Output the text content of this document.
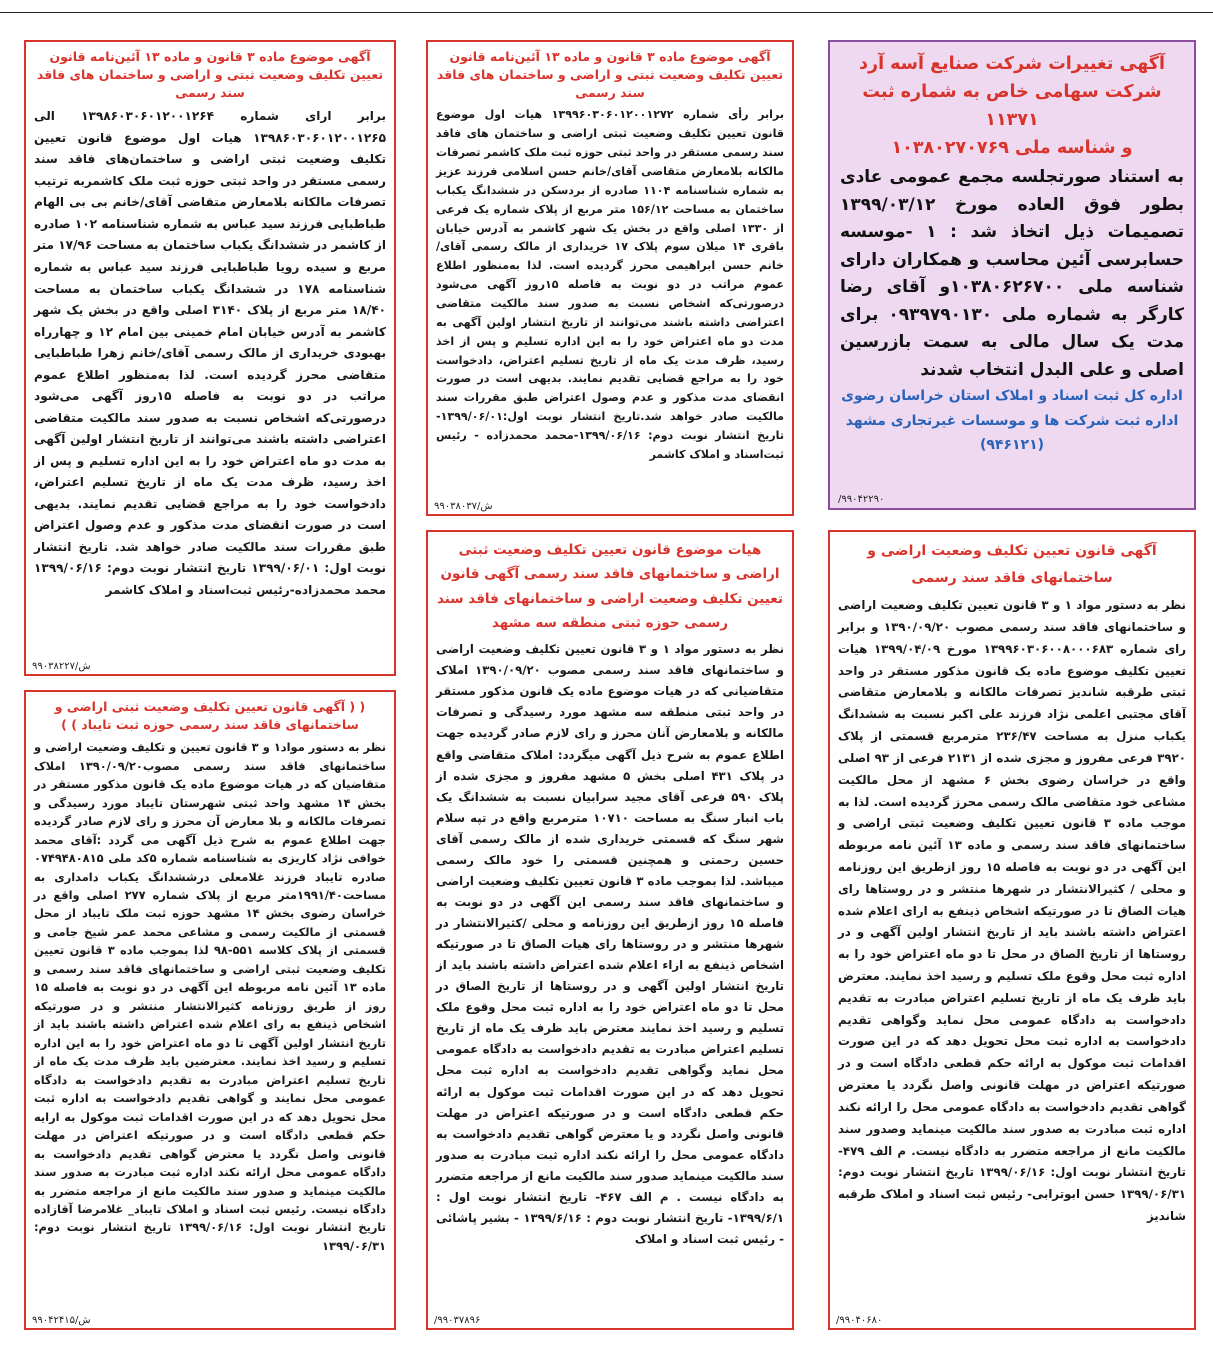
آگهی تغییرات شرکت صنایع آسه آرد
شرکت سهامی خاص به شماره ثبت ۱۱۳۷۱
و شناسه ملی ۱۰۳۸۰۲۷۰۷۶۹
به استناد صورتجلسه مجمع عمومی عادی بطور فوق العاده مورخ ۱۳۹۹/۰۳/۱۲ تصمیمات ذیل اتخاذ شد : ۱ -موسسه حسابرسی آئین محاسب و همکاران دارای شناسه ملی ۱۰۳۸۰۶۲۶۷۰۰و آقای رضا کارگر به شماره ملی ۰۹۳۹۷۹۰۱۳۰ برای مدت یک سال مالی به سمت بازرسین اصلی و علی البدل انتخاب شدند
اداره کل ثبت اسناد و املاک استان خراسان رضوی
اداره ثبت شرکت ها و موسسات غیرتجاری مشهد
(۹۴۶۱۲۱)
/۹۹۰۴۲۲۹۰
آگهی موضوع ماده ۳ قانون و ماده ۱۳ آئین‌نامه قانون تعیین تکلیف وضعیت ثبتی و اراضی و ساختمان های فاقد سند رسمی
برابر رأی شماره ۱۳۹۹۶۰۳۰۶۰۱۲۰۰۱۲۷۲ هیات اول موضوع قانون تعیین تکلیف وضعیت ثبتی اراضی و ساختمان های فاقد سند رسمی مستقر در واحد ثبتی حوزه ثبت ملک کاشمر تصرفات مالکانه بلامعارض متقاضی آقای/خانم حسن اسلامی فرزند عزیز به شماره شناسنامه ۱۱۰۴ صادره از بردسکن در ششدانگ یکباب ساختمان به مساحت ۱۵۶/۱۲ متر مربع از پلاک شماره یک فرعی از ۱۳۳۰ اصلی واقع در بخش یک شهر کاشمر به آدرس خیابان باقری ۱۴ میلان سوم پلاک ۱۷ خریداری از مالک رسمی آقای/خانم حسن ابراهیمی محرز گردیده است. لذا به‌منظور اطلاع عموم مراتب در دو نوبت به فاصله ۱۵روز آگهی می‌شود درصورتی‌که اشخاص نسبت به صدور سند مالکیت متقاضی اعتراضی داشته باشند می‌توانند از تاریخ انتشار اولین آگهی به مدت دو ماه اعتراض خود را به این اداره تسلیم و پس از اخذ رسید، ظرف مدت یک ماه از تاریخ تسلیم اعتراض، دادخواست خود را به مراجع قضایی تقدیم نمایند. بدیهی است در صورت انقضای مدت مذکور و عدم وصول اعتراض طبق مقررات سند مالکیت صادر خواهد شد.تاریخ انتشار نوبت اول:۱۳۹۹/۰۶/۰۱- تاریخ انتشار نوبت دوم: ۱۳۹۹/۰۶/۱۶-محمد محمدزاده - رئیس ثبت‌اسناد و املاک کاشمر
ش/۹۹۰۳۸۰۳۷
آگهی موضوع ماده ۳ قانون و ماده ۱۳ آئین‌نامه قانون تعیین تکلیف وضعیت ثبتی و اراضی و ساختمان های فاقد سند رسمی
برابر ارای شماره ۱۳۹۸۶۰۳۰۶۰۱۲۰۰۱۲۶۴ الی ۱۳۹۸۶۰۳۰۶۰۱۲۰۰۱۲۶۵ هیات اول موضوع قانون تعیین تکلیف وضعیت ثبتی اراضی و ساختمان‌های فاقد سند رسمی مستقر در واحد ثبتی حوزه ثبت ملک کاشمربه ترتیب تصرفات مالکانه بلامعارض متقاضی آقای/خانم بی بی الهام طباطبایی فرزند سید عباس به شماره شناسنامه ۱۰۲ صادره از کاشمر در ششدانگ یکباب ساختمان به مساحت ۱۷/۹۶ متر مربع و سیده رویا طباطبایی فرزند سید عباس به شماره شناسنامه ۱۷۸ در ششدانگ یکباب ساختمان به مساحت ۱۸/۴۰ متر مربع از پلاک ۳۱۴۰ اصلی واقع در بخش یک شهر کاشمر به آدرس خیابان امام خمینی بین امام ۱۲ و چهارراه بهبودی خریداری از مالک رسمی آقای/خانم زهرا طباطبایی متقاضی محرز گردیده است. لذا به‌منظور اطلاع عموم مراتب در دو نوبت به فاصله ۱۵روز آگهی می‌شود درصورتی‌که اشخاص نسبت به صدور سند مالکیت متقاضی اعتراضی داشته باشند می‌توانند از تاریخ انتشار اولین آگهی به مدت دو ماه اعتراض خود را به این اداره تسلیم و پس از اخذ رسید، ظرف مدت یک ماه از تاریخ تسلیم اعتراض، دادخواست خود را به مراجع قضایی تقدیم نمایند. بدیهی است در صورت انقضای مدت مذکور و عدم وصول اعتراض طبق مقررات سند مالکیت صادر خواهد شد. تاریخ انتشار نوبت اول: ۱۳۹۹/۰۶/۰۱ تاریخ انتشار نوبت دوم: ۱۳۹۹/۰۶/۱۶ محمد محمدزاده-رئیس ثبت‌اسناد و املاک کاشمر
ش/۹۹۰۳۸۲۲۷
آگهی قانون تعیین تکلیف وضعیت اراضی و ساختمانهای فاقد سند رسمی
نظر به دستور مواد ۱ و ۳ قانون تعیین تکلیف وضعیت اراضی و ساختمانهای فاقد سند رسمی مصوب ۱۳۹۰/۰۹/۲۰ و برابر رای شماره ۱۳۹۹۶۰۳۰۶۰۰۸۰۰۰۶۸۳ مورخ ۱۳۹۹/۰۴/۰۹ هیات تعیین تکلیف موضوع ماده یک قانون مذکور مستقر در واحد ثبتی طرقبه شاندیز تصرفات مالکانه و بلامعارض متقاضی آقای مجتبی اعلمی نژاد فرزند علی اکبر نسبت به ششدانگ یکباب منزل به مساحت ۲۳۶/۴۷ مترمربع قسمتی از پلاک ۳۹۲۰ فرعی مفروز و مجزی شده از ۲۱۳۱ فرعی از ۹۳ اصلی واقع در خراسان رضوی بخش ۶ مشهد از محل مالکیت مشاعی خود متقاضی مالک رسمی محرز گردیده است. لذا به موجب ماده ۳ قانون تعیین تکلیف وضعیت ثبتی اراضی و ساختمانهای فاقد سند رسمی و ماده ۱۳ آئین نامه مربوطه این آگهی در دو نوبت به فاصله ۱۵ روز ازطریق این روزنامه و محلی / کثیرالانتشار در شهرها منتشر و در روستاها رای هیات الصاق تا در صورتیکه اشخاص ذینفع به ارای اعلام شده اعتراض داشته باشند باید از تاریخ انتشار اولین آگهی و در روستاها از تاریخ الصاق در محل تا دو ماه اعتراض خود را به اداره ثبت محل وقوع ملک تسلیم و رسید اخذ نمایند. معترض باید ظرف یک ماه از تاریخ تسلیم اعتراض مبادرت به تقدیم دادخواست به دادگاه عمومی محل نماید وگواهی تقدیم دادخواست به اداره ثبت محل تحویل دهد که در این صورت اقدامات ثبت موکول به ارائه حکم قطعی دادگاه است و در صورتیکه اعتراض در مهلت قانونی واصل نگردد یا معترض گواهی تقدیم دادخواست به دادگاه عمومی محل را ارائه نکند اداره ثبت مبادرت به صدور سند مالکیت مینماید وصدور سند مالکیت مانع از مراجعه متضرر به دادگاه نیست. م الف ۴۷۹- تاریخ انتشار نوبت اول: ۱۳۹۹/۰۶/۱۶ تاریخ انتشار نوبت دوم: ۱۳۹۹/۰۶/۳۱ حسن ابوترابی- رئیس ثبت اسناد و املاک طرقبه شاندیز
/۹۹۰۴۰۶۸۰
هیات موضوع قانون تعیین تکلیف وضعیت ثبتی اراضی و ساختمانهای فاقد سند رسمی آگهی قانون تعیین تکلیف وضعیت اراضی و ساختمانهای فاقد سند رسمی حوزه ثبتی منطقه سه مشهد
نظر به دستور مواد ۱ و ۳ قانون تعیین تکلیف وضعیت اراضی و ساختمانهای فاقد سند رسمی مصوب ۱۳۹۰/۰۹/۲۰ املاک متقاضیانی که در هیات موضوع ماده یک قانون مذکور مستقر در واحد ثبتی منطقه سه مشهد مورد رسیدگی و تصرفات مالکانه و بلامعارض آنان محرز و رای لازم صادر گردیده جهت اطلاع عموم به شرح ذیل آگهی میگردد: املاک متقاضی واقع در پلاک ۴۳۱ اصلی بخش ۵ مشهد مفروز و مجزی شده از پلاک ۵۹۰ فرعی آقای مجید سرابیان نسبت به ششدانگ یک باب انبار سنگ به مساحت ۱۰۷۱۰ مترمربع واقع در تپه سلام شهر سنگ که قسمتی خریداری شده از مالک رسمی آقای حسین رحمتی و همچنین قسمتی را خود مالک رسمی میباشد. لذا بموجب ماده ۳ قانون تعیین تکلیف وضعیت اراضی و ساختمانهای فاقد سند رسمی این آگهی در دو نوبت به فاصله ۱۵ روز ازطریق این روزنامه و محلی /کثیرالانتشار در شهرها منتشر و در روستاها رای هیات الصاق تا در صورتیکه اشخاص ذینفع به اراء اعلام شده اعتراض داشته باشند باید از تاریخ انتشار اولین آگهی و در روستاها از تاریخ الصاق در محل تا دو ماه اعتراض خود را به اداره ثبت محل وقوع ملک تسلیم و رسید اخذ نمایند معترض باید ظرف یک ماه از تاریخ تسلیم اعتراض مبادرت به تقدیم دادخواست به دادگاه عمومی محل نماید وگواهی تقدیم دادخواست به اداره ثبت محل تحویل دهد که در این صورت اقدامات ثبت موکول به ارائه حکم قطعی دادگاه است و در صورتیکه اعتراض در مهلت قانونی واصل نگردد و یا معترض گواهی تقدیم دادخواست به دادگاه عمومی محل را ارائه نکند اداره ثبت مبادرت به صدور سند مالکیت مینماید صدور سند مالکیت مانع از مراجعه متضرر به دادگاه نیست . م الف ۴۶۷- تاریخ انتشار نوبت اول : ۱۳۹۹/۶/۱- تاریخ انتشار نوبت دوم : ۱۳۹۹/۶/۱۶ - بشیر پاشائی - رئیس ثبت اسناد و املاک
/۹۹۰۳۷۸۹۶
( ( آگهی قانون تعیین تکلیف وضعیت ثبتی اراضی و ساختمانهای فاقد سند رسمی حوزه ثبت تایباد ) )
نظر به دستور مواد۱ و ۳ قانون تعیین و تکلیف وضعیت اراضی و ساختمانهای فاقد سند رسمی مصوب۱۳۹۰/۰۹/۲۰ املاک متقاضیان که در هیات موضوع ماده یک قانون مذکور مستقر در بخش ۱۴ مشهد واحد ثبتی شهرستان تایباد مورد رسیدگی و تصرفات مالکانه و بلا معارض آن محرز و رای لازم صادر گردیده جهت اطلاع عموم به شرح ذیل آگهی می گردد :آقای محمد خوافی نژاد کاریزی به شناسنامه شماره ۵کد ملی ۰۷۴۹۴۸۰۸۱۵ صادره تایباد فرزند غلامعلی درششدانگ یکباب دامداری به مساحت۱۹۹۱/۴۰متر مربع از پلاک شماره ۲۷۷ اصلی واقع در خراسان رضوی بخش ۱۴ مشهد حوزه ثبت ملک تایباد از محل قسمتی از مالکیت رسمی و مشاعی محمد عمر شیخ جامی و قسمتی از پلاک کلاسه ۵۵۱-۹۸ لذا بموجب ماده ۳ قانون تعیین تکلیف وضعیت ثبتی اراضی و ساختمانهای فاقد سند رسمی و ماده ۱۳ آئین نامه مربوطه این آگهی در دو نوبت به فاصله ۱۵ روز از طریق روزنامه کثیرالانتشار منتشر و در صورتیکه اشخاص ذینفع به رای اعلام شده اعتراض داشته باشند باید از تاریخ انتشار اولین آگهی تا دو ماه اعتراض خود را به این اداره تسلیم و رسید اخذ نمایند. معترضین باید ظرف مدت یک ماه از تاریخ تسلیم اعتراض مبادرت به تقدیم دادخواست به دادگاه عمومی محل نمایند و گواهی تقدیم دادخواست به اداره ثبت محل تحویل دهد که در این صورت اقدامات ثبت موکول به ارایه حکم قطعی دادگاه است و در صورتیکه اعتراض در مهلت قانونی واصل نگردد یا معترض گواهی تقدیم دادخواست به دادگاه عمومی محل ارائه نکند اداره ثبت مبادرت به صدور سند مالکیت مینماید و صدور سند مالکیت مانع از مراجعه متضرر به دادگاه نیست. رئیس ثبت اسناد و املاک تایباد_ غلامرضا آقازاده تاریخ انتشار نوبت اول: ۱۳۹۹/۰۶/۱۶ تاریخ انتشار نوبت دوم: ۱۳۹۹/۰۶/۳۱
ش/۹۹۰۴۲۴۱۵
